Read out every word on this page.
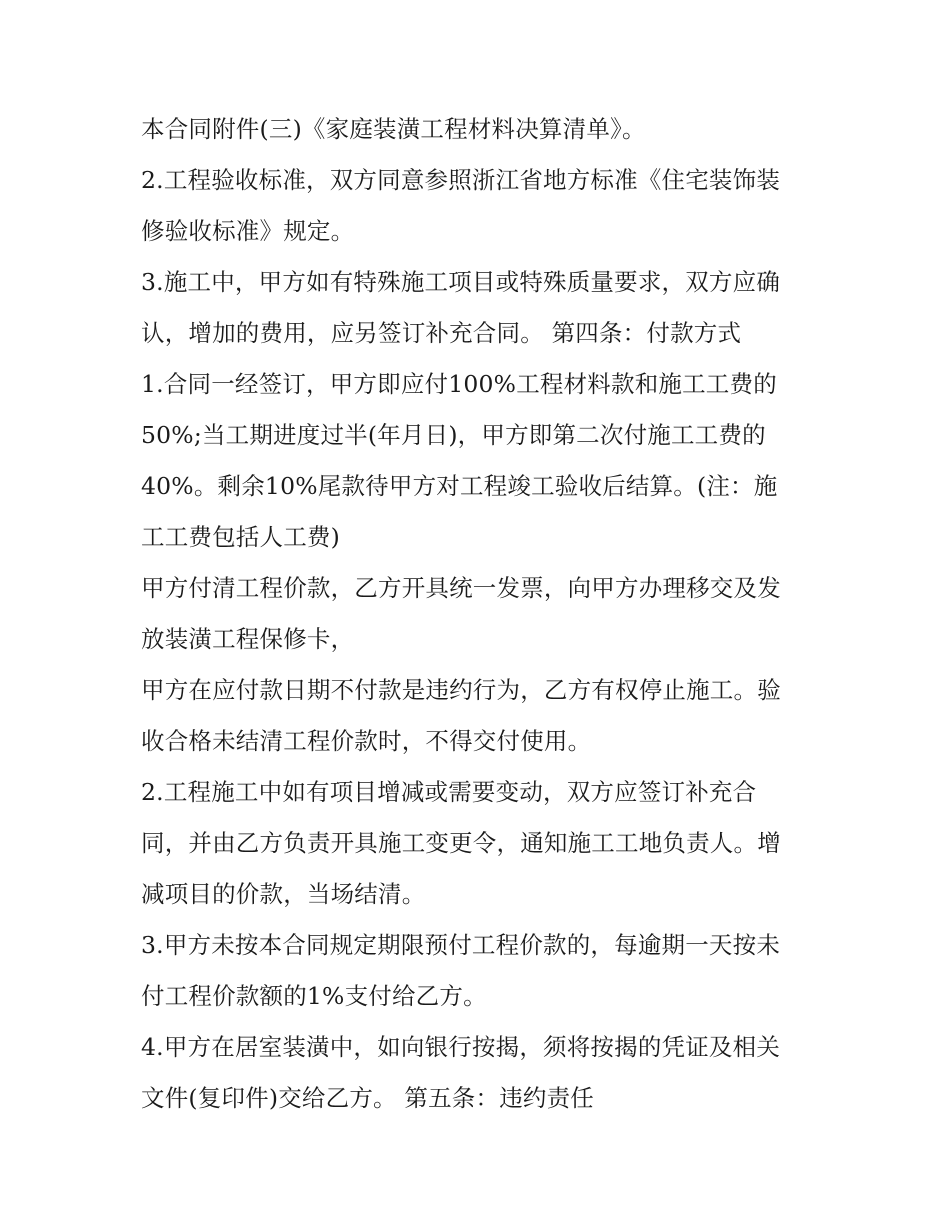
本合同附件(三)《家庭装潢工程材料决算清单》。
2.工程验收标准，双方同意参照浙江省地方标准《住宅装饰装
修验收标准》规定。
3.施工中，甲方如有特殊施工项目或特殊质量要求，双方应确
认，增加的费用，应另签订补充合同。 第四条：付款方式
1.合同一经签订，甲方即应付100%工程材料款和施工工费的
50%;当工期进度过半(年月日)，甲方即第二次付施工工费的
40%。剩余10%尾款待甲方对工程竣工验收后结算。(注：施
工工费包括人工费)
甲方付清工程价款，乙方开具统一发票，向甲方办理移交及发
放装潢工程保修卡，
甲方在应付款日期不付款是违约行为，乙方有权停止施工。验
收合格未结清工程价款时，不得交付使用。
2.工程施工中如有项目增减或需要变动，双方应签订补充合
同，并由乙方负责开具施工变更令，通知施工工地负责人。增
减项目的价款，当场结清。
3.甲方未按本合同规定期限预付工程价款的，每逾期一天按未
付工程价款额的1%支付给乙方。
4.甲方在居室装潢中，如向银行按揭，须将按揭的凭证及相关
文件(复印件)交给乙方。 第五条：违约责任
